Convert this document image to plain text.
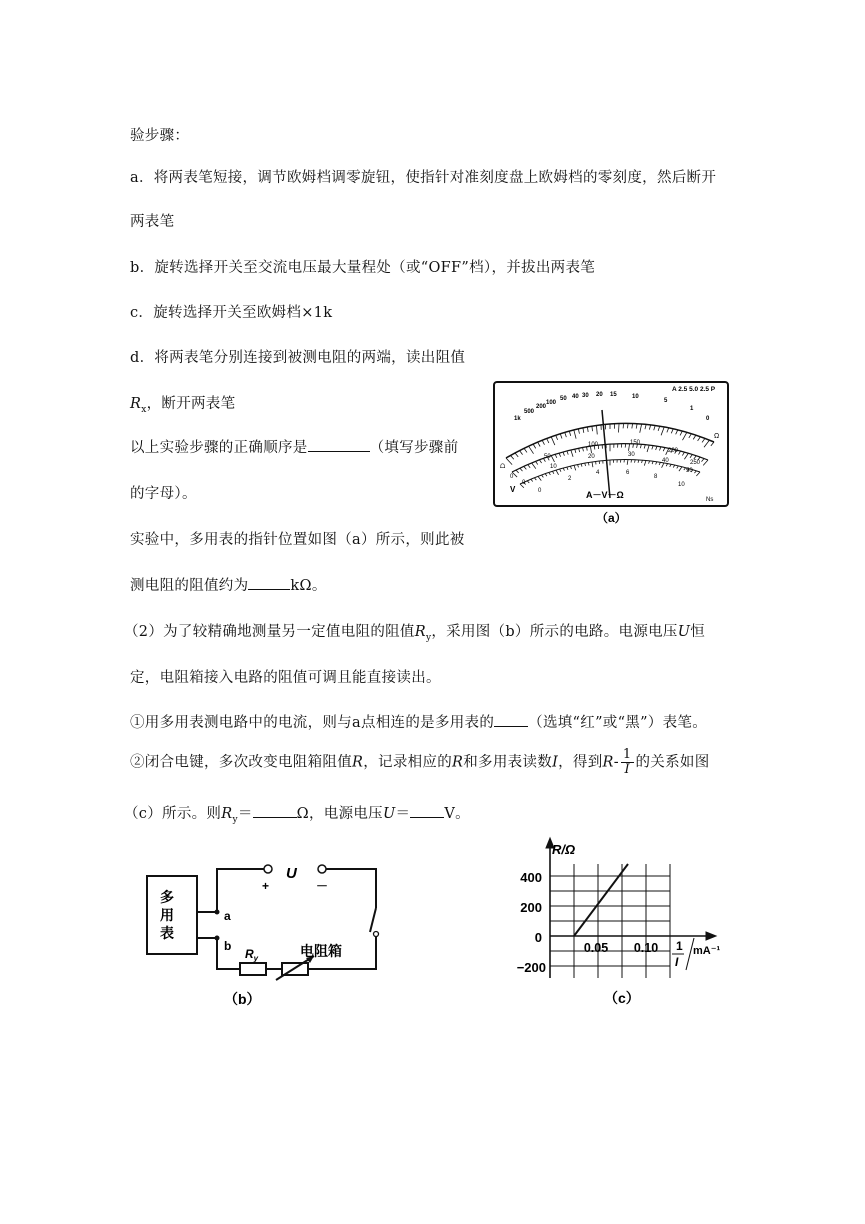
验步骤：
a．将两表笔短接，调节欧姆档调零旋钮，使指针对准刻度盘上欧姆档的零刻度，然后断开
两表笔
b．旋转选择开关至交流电压最大量程处（或“OFF”档），并拔出两表笔
c．旋转选择开关至欧姆档×1k
d．将两表笔分别连接到被测电阻的两端，读出阻值
$R_x$，断开两表笔
以上实验步骤的正确顺序是	（填写步骤前
的字母）。
实验中，多用表的指针位置如图（a）所示，则此被
测电阻的阻值约为	kΩ。
（2）为了较精确地测量另一定值电阻的阻值$R_y$，采用图（b）所示的电路。电源电压U恒
定，电阻箱接入电路的阻值可调且能直接读出。
①用多用表测电路中的电流，则与a点相连的是多用表的 （选填“红”或“黑”）表笔。
②闭合电键，多次改变电阻箱阻值R，记录相应的R和多用表读数I，得到$R- \frac{1}{I}$ 的关系如图
（c）所示。则$R_y=$	Ω，电源电压U＝ V。
1k
500
200
100
50 40 30 20 15	10
5
1
0
A 2.5 5.0 2.5 P
Ω
0
50
100	150
200
250
0
10
20	30
40
50
0
2
4	6
8
10
⩍
V
A－V－Ω	Ns
（a）
多
用
表
U
+	－
a
b
$R_y$	电阻箱
（b）
R/Ω
400
200
0
−200
0.05 0.10 1
I
mA⁻¹
（c）
